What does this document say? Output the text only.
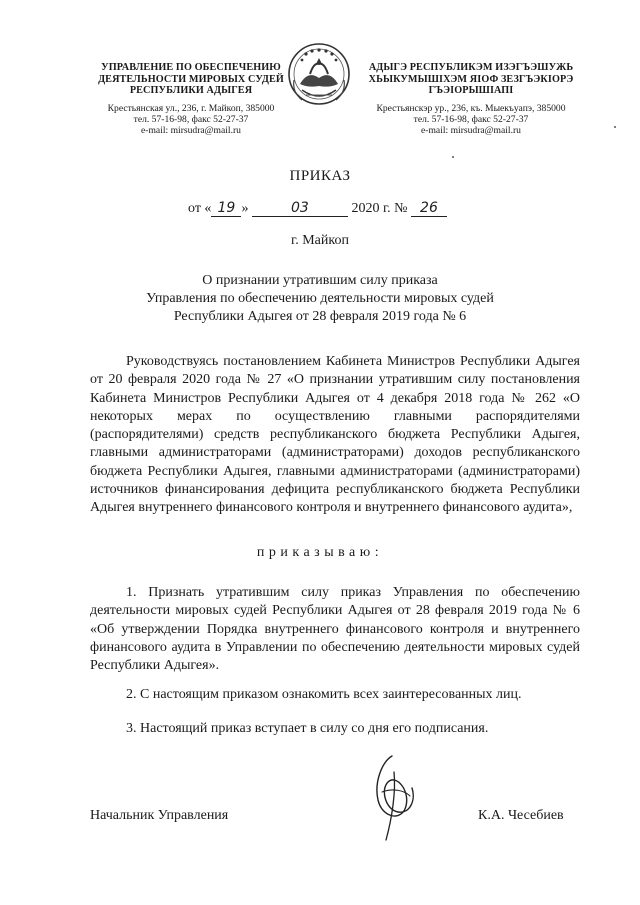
УПРАВЛЕНИЕ ПО ОБЕСПЕЧЕНИЮ
ДЕЯТЕЛЬНОСТИ МИРОВЫХ СУДЕЙ
РЕСПУБЛИКИ АДЫГЕЯ
Крестьянская ул., 236, г. Майкоп, 385000
тел. 57-16-98, факс 52-27-37
e-mail: mirsudra@mail.ru
АДЫГЭ РЕСПУБЛИКЭМ ИЗЭГЪЭШУЖЬ
ХЬЫКУМЫШІХЭМ ЯІОФ ЗЕЗГЪЭКІОРЭ
ГЪЭІОРЫШІАПІ
Крестьянскэр ур., 236, къ. Мыекъуапэ, 385000
тел. 57-16-98, факс 52-27-37
e-mail: mirsudra@mail.ru
ПРИКАЗ
от « 19 »	03	2020 г. № 26
г. Майкоп
О признании утратившим силу приказа
Управления по обеспечению деятельности мировых судей
Республики Адыгея от 28 февраля 2019 года № 6
Руководствуясь постановлением Кабинета Министров Республики Адыгея от 20 февраля 2020 года № 27 «О признании утратившим силу постановления Кабинета Министров Республики Адыгея от 4 декабря 2018 года № 262 «О некоторых мерах по осуществлению главными распорядителями (распорядителями) средств республиканского бюджета Республики Адыгея, главными администраторами (администраторами) доходов республиканского бюджета Республики Адыгея, главными администраторами (администраторами) источников финансирования дефицита республиканского бюджета Республики Адыгея внутреннего финансового контроля и внутреннего финансового аудита»,
приказываю:
1. Признать утратившим силу приказ Управления по обеспечению деятельности мировых судей Республики Адыгея от 28 февраля 2019 года № 6 «Об утверждении Порядка внутреннего финансового контроля и внутреннего финансового аудита в Управлении по обеспечению деятельности мировых судей Республики Адыгея».
2. С настоящим приказом ознакомить всех заинтересованных лиц.
3. Настоящий приказ вступает в силу со дня его подписания.
Начальник Управления	К.А. Чесебиев
